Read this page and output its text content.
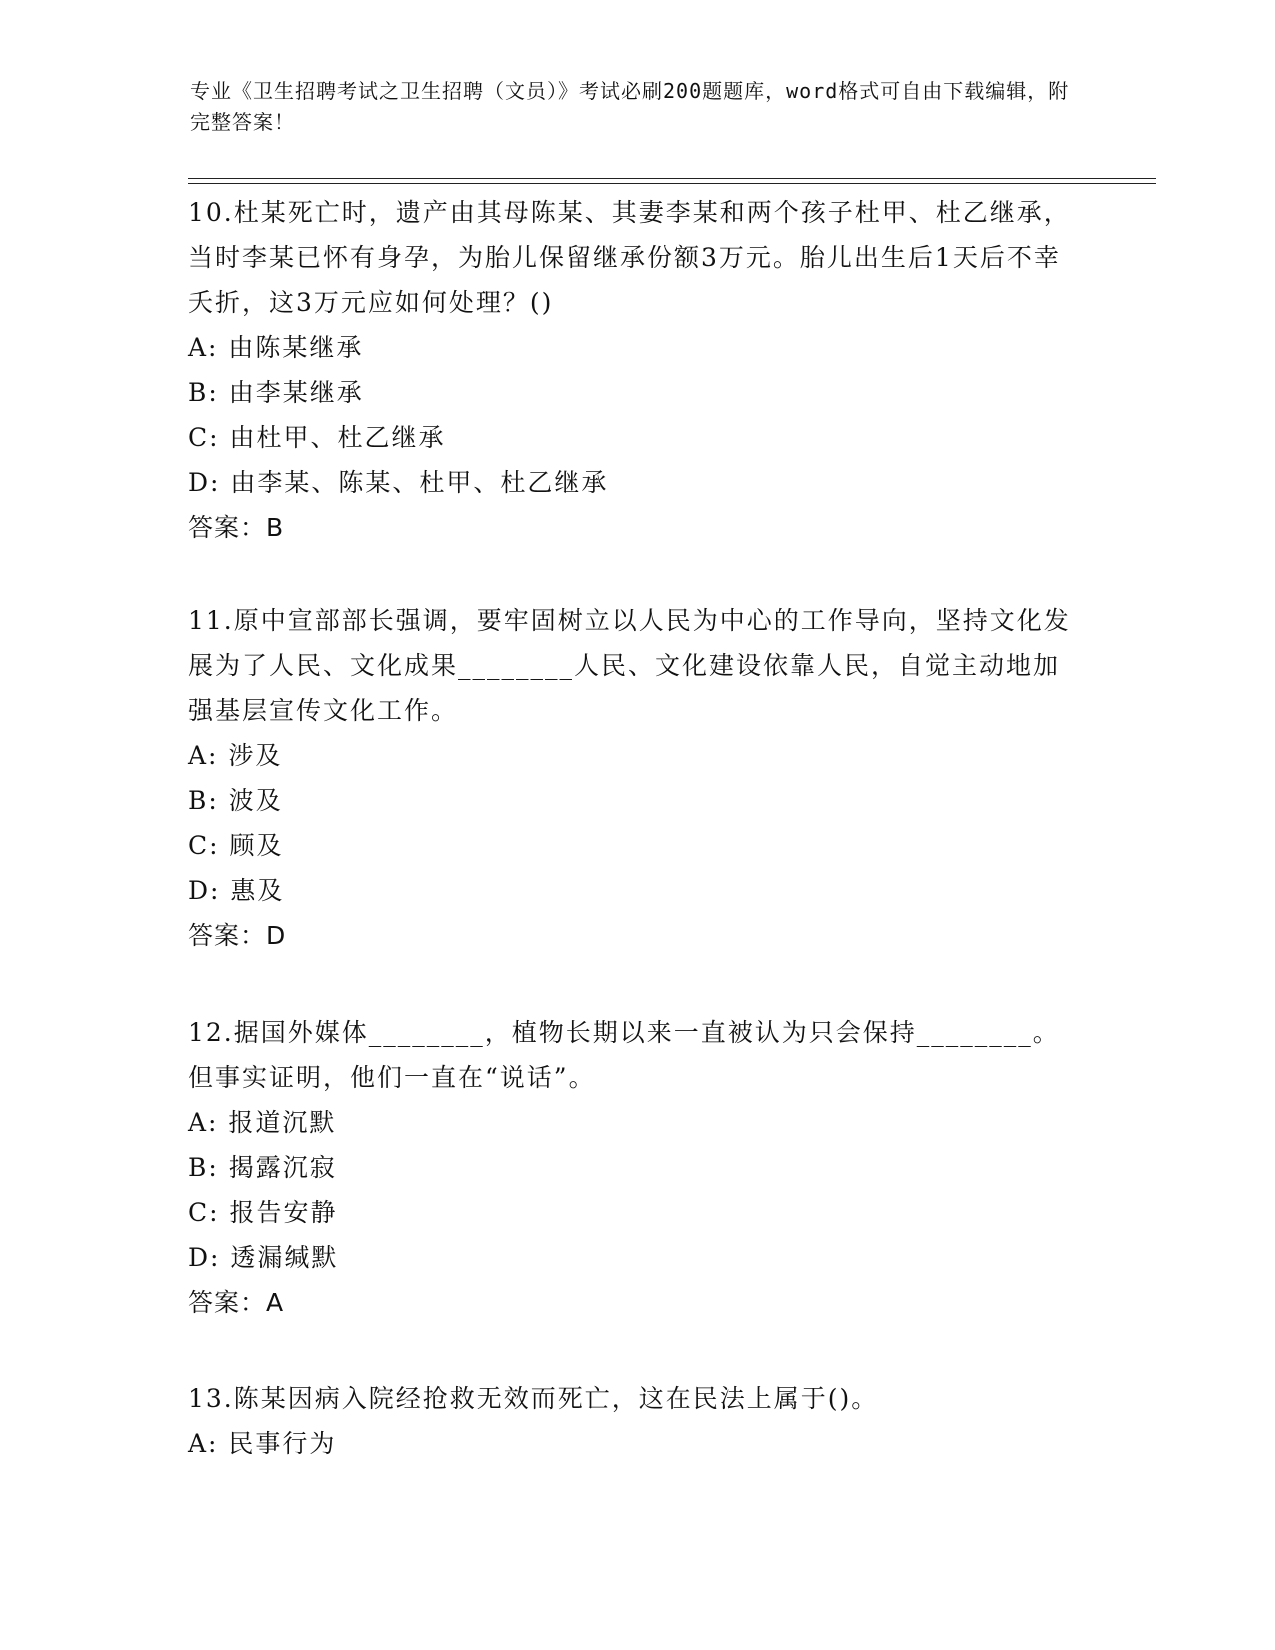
专业《卫生招聘考试之卫生招聘（文员）》考试必刷200题题库，word格式可自由下载编辑，附完整答案！
10.杜某死亡时，遗产由其母陈某、其妻李某和两个孩子杜甲、杜乙继承，当时李某已怀有身孕，为胎儿保留继承份额3万元。胎儿出生后1天后不幸夭折，这3万元应如何处理？()
A: 由陈某继承
B: 由李某继承
C: 由杜甲、杜乙继承
D: 由李某、陈某、杜甲、杜乙继承
答案：B
11.原中宣部部长强调，要牢固树立以人民为中心的工作导向，坚持文化发展为了人民、文化成果________人民、文化建设依靠人民，自觉主动地加强基层宣传文化工作。
A: 涉及
B: 波及
C: 顾及
D: 惠及
答案：D
12.据国外媒体________，植物长期以来一直被认为只会保持________。但事实证明，他们一直在“说话”。
A: 报道沉默
B: 揭露沉寂
C: 报告安静
D: 透漏缄默
答案：A
13.陈某因病入院经抢救无效而死亡，这在民法上属于()。
A: 民事行为
